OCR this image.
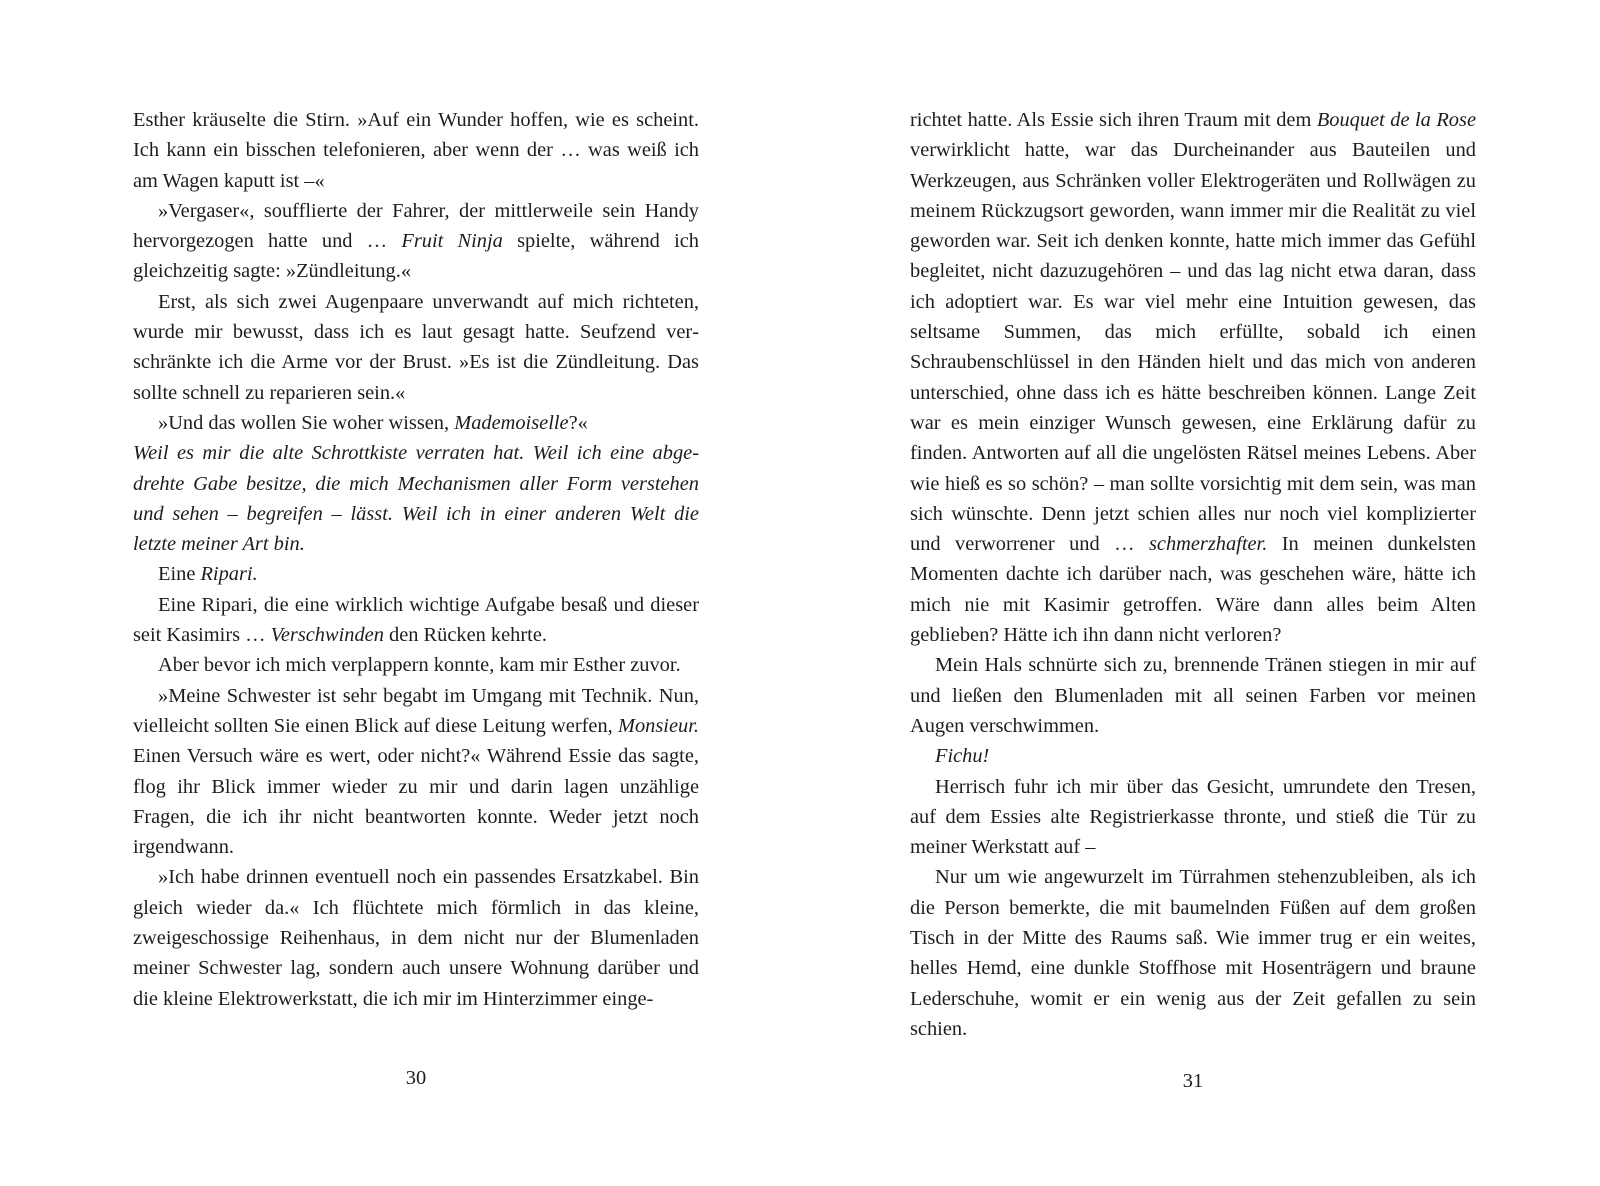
Esther kräuselte die Stirn. »Auf ein Wunder hoffen, wie es scheint. Ich kann ein bisschen telefonieren, aber wenn der … was weiß ich am Wagen kaputt ist –«

»Vergaser«, soufflierte der Fahrer, der mittlerweile sein Handy hervorgezogen hatte und … Fruit Ninja spielte, während ich gleichzeitig sagte: »Zündleitung.«

Erst, als sich zwei Augenpaare unverwandt auf mich richteten, wurde mir bewusst, dass ich es laut gesagt hatte. Seufzend verschränkte ich die Arme vor der Brust. »Es ist die Zündleitung. Das sollte schnell zu reparieren sein.«

»Und das wollen Sie woher wissen, Mademoiselle?«

Weil es mir die alte Schrottkiste verraten hat. Weil ich eine abgedrehte Gabe besitze, die mich Mechanismen aller Form verstehen und sehen – begreifen – lässt. Weil ich in einer anderen Welt die letzte meiner Art bin.

Eine Ripari.

Eine Ripari, die eine wirklich wichtige Aufgabe besaß und dieser seit Kasimirs … Verschwinden den Rücken kehrte.

Aber bevor ich mich verplappern konnte, kam mir Esther zuvor.

»Meine Schwester ist sehr begabt im Umgang mit Technik. Nun, vielleicht sollten Sie einen Blick auf diese Leitung werfen, Monsieur. Einen Versuch wäre es wert, oder nicht?« Während Essie das sagte, flog ihr Blick immer wieder zu mir und darin lagen unzählige Fragen, die ich ihr nicht beantworten konnte. Weder jetzt noch irgendwann.

»Ich habe drinnen eventuell noch ein passendes Ersatzkabel. Bin gleich wieder da.« Ich flüchtete mich förmlich in das kleine, zweigeschossige Reihenhaus, in dem nicht nur der Blumenladen meiner Schwester lag, sondern auch unsere Wohnung darüber und die kleine Elektrowerkstatt, die ich mir im Hinterzimmer einge-

30

richtet hatte. Als Essie sich ihren Traum mit dem Bouquet de la Rose verwirklicht hatte, war das Durcheinander aus Bauteilen und Werkzeugen, aus Schränken voller Elektrogeräten und Rollwägen zu meinem Rückzugsort geworden, wann immer mir die Realität zu viel geworden war. Seit ich denken konnte, hatte mich immer das Gefühl begleitet, nicht dazuzugehören – und das lag nicht etwa daran, dass ich adoptiert war. Es war viel mehr eine Intuition gewesen, das seltsame Summen, das mich erfüllte, sobald ich einen Schraubenschlüssel in den Händen hielt und das mich von anderen unterschied, ohne dass ich es hätte beschreiben können. Lange Zeit war es mein einziger Wunsch gewesen, eine Erklärung dafür zu finden. Antworten auf all die ungelösten Rätsel meines Lebens. Aber wie hieß es so schön? – man sollte vorsichtig mit dem sein, was man sich wünschte. Denn jetzt schien alles nur noch viel komplizierter und verworrener und … schmerzhafter. In meinen dunkelsten Momenten dachte ich darüber nach, was geschehen wäre, hätte ich mich nie mit Kasimir getroffen. Wäre dann alles beim Alten geblieben? Hätte ich ihn dann nicht verloren?

Mein Hals schnürte sich zu, brennende Tränen stiegen in mir auf und ließen den Blumenladen mit all seinen Farben vor meinen Augen verschwimmen.

Fichu!

Herrisch fuhr ich mir über das Gesicht, umrundete den Tresen, auf dem Essies alte Registrierkasse thronte, und stieß die Tür zu meiner Werkstatt auf –

Nur um wie angewurzelt im Türrahmen stehenzubleiben, als ich die Person bemerkte, die mit baumelnden Füßen auf dem großen Tisch in der Mitte des Raums saß. Wie immer trug er ein weites, helles Hemd, eine dunkle Stoffhose mit Hosenträgern und braune Lederschuhe, womit er ein wenig aus der Zeit gefallen zu sein schien.

31
